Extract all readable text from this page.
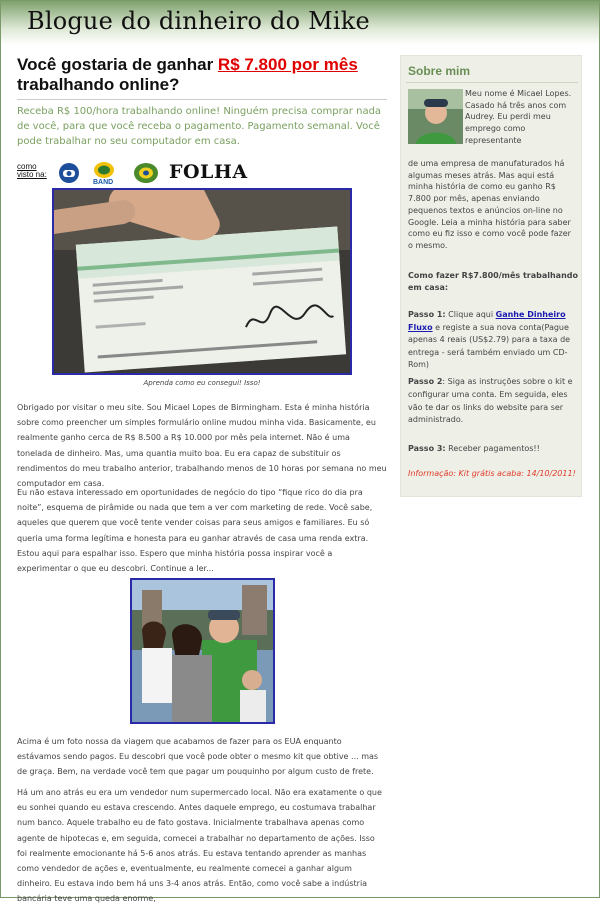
Blogue do dinheiro do Mike
Você gostaria de ganhar R$ 7.800 por mês trabalhando online?
Receba R$ 100/hora trabalhando online! Ninguém precisa comprar nada de você, para que você receba o pagamento. Pagamento semanal. Você pode trabalhar no seu computador em casa.
como visto na:
BAND	FOLHA
Aprenda como eu consegui! Isso!
Obrigado por visitar o meu site. Sou Micael Lopes de Birmingham. Esta é minha história sobre como preencher um simples formulário online mudou minha vida. Basicamente, eu realmente ganho cerca de R$ 8.500 a R$ 10.000 por mês pela internet. Não é uma tonelada de dinheiro. Mas, uma quantia muito boa. Eu era capaz de substituir os rendimentos do meu trabalho anterior, trabalhando menos de 10 horas por semana no meu computador em casa.
Eu não estava interessado em oportunidades de negócio do tipo “fique rico do dia pra noite”, esquema de pirâmide ou nada que tem a ver com marketing de rede. Você sabe, aqueles que querem que você tente vender coisas para seus amigos e familiares. Eu só queria uma forma legítima e honesta para eu ganhar através de casa uma renda extra. Estou aqui para espalhar isso. Espero que minha história possa inspirar você a experimentar o que eu descobri. Continue a ler...
Acima é um foto nossa da viagem que acabamos de fazer para os EUA enquanto estávamos sendo pagos. Eu descobri que você pode obter o mesmo kit que obtive ... mas de graça. Bem, na verdade você tem que pagar um pouquinho por algum custo de frete.
Há um ano atrás eu era um vendedor num supermercado local. Não era exatamente o que eu sonhei quando eu estava crescendo. Antes daquele emprego, eu costumava trabalhar num banco. Aquele trabalho eu de fato gostava. Inicialmente trabalhava apenas como agente de hipotecas e, em seguida, comecei a trabalhar no departamento de ações. Isso foi realmente emocionante há 5-6 anos atrás. Eu estava tentando aprender as manhas como vendedor de ações e, eventualmente, eu realmente comecei a ganhar algum dinheiro. Eu estava indo bem há uns 3-4 anos atrás. Então, como você sabe a indústria bancária teve uma queda enorme,
Sobre mim
Meu nome é Micael Lopes. Casado há três anos com Audrey. Eu perdi meu emprego como representante
de uma empresa de manufaturados há algumas meses atrás. Mas aqui está minha história de como eu ganho R$ 7.800 por mês, apenas enviando pequenos textos e anúncios on-line no Google. Leia a minha história para saber como eu fiz isso e como você pode fazer o mesmo.
Como fazer R$7.800/mês trabalhando em casa:
Passo 1: Clique aqui Ganhe Dinheiro Fluxo e registe a sua nova conta(Pague apenas 4 reais (US$2.79) para a taxa de entrega - será também enviado um CD-Rom)
Passo 2: Siga as instruções sobre o kit e configurar uma conta. Em seguida, eles vão te dar os links do website para ser administrado.
Passo 3: Receber pagamentos!!
Informação: Kit grátis acaba: 14/10/2011!
